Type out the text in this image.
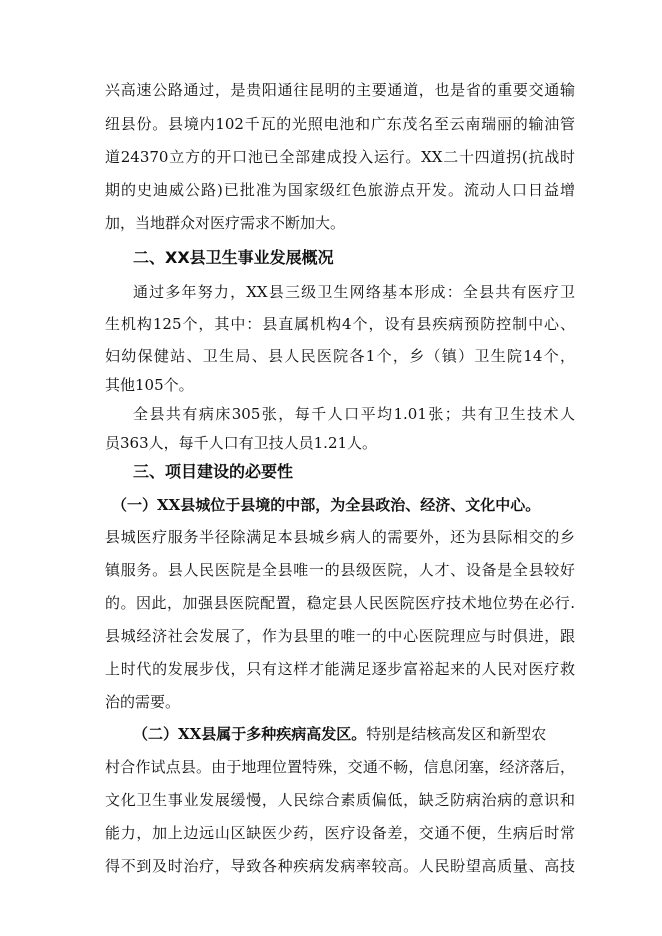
兴高速公路通过，是贵阳通往昆明的主要通道，也是省的重要交通输
纽县份。县境内102千瓦的光照电池和广东茂名至云南瑞丽的输油管
道24370立方的开口池已全部建成投入运行。XX二十四道拐(抗战时
期的史迪威公路)已批准为国家级红色旅游点开发。流动人口日益增
加，当地群众对医疗需求不断加大。
二、XX县卫生事业发展概况
通过多年努力，XX县三级卫生网络基本形成：全县共有医疗卫
生机构125个，其中：县直属机构4个，设有县疾病预防控制中心、
妇幼保健站、卫生局、县人民医院各1个，乡（镇）卫生院14个，
其他105个。
全县共有病床305张，每千人口平均1.01张；共有卫生技术人
员363人，每千人口有卫技人员1.21人。
三、项目建设的必要性
（一）XX县城位于县境的中部，为全县政治、经济、文化中心。
县城医疗服务半径除满足本县城乡病人的需要外，还为县际相交的乡
镇服务。县人民医院是全县唯一的县级医院，人才、设备是全县较好
的。因此，加强县医院配置，稳定县人民医院医疗技术地位势在必行.
县城经济社会发展了，作为县里的唯一的中心医院理应与时俱进，跟
上时代的发展步伐，只有这样才能满足逐步富裕起来的人民对医疗救
治的需要。
（二）XX县属于多种疾病高发区。特别是结核高发区和新型农
村合作试点县。由于地理位置特殊，交通不畅，信息闭塞，经济落后，
文化卫生事业发展缓慢，人民综合素质偏低，缺乏防病治病的意识和
能力，加上边远山区缺医少药，医疗设备差，交通不便，生病后时常
得不到及时治疗，导致各种疾病发病率较高。人民盼望高质量、高技
